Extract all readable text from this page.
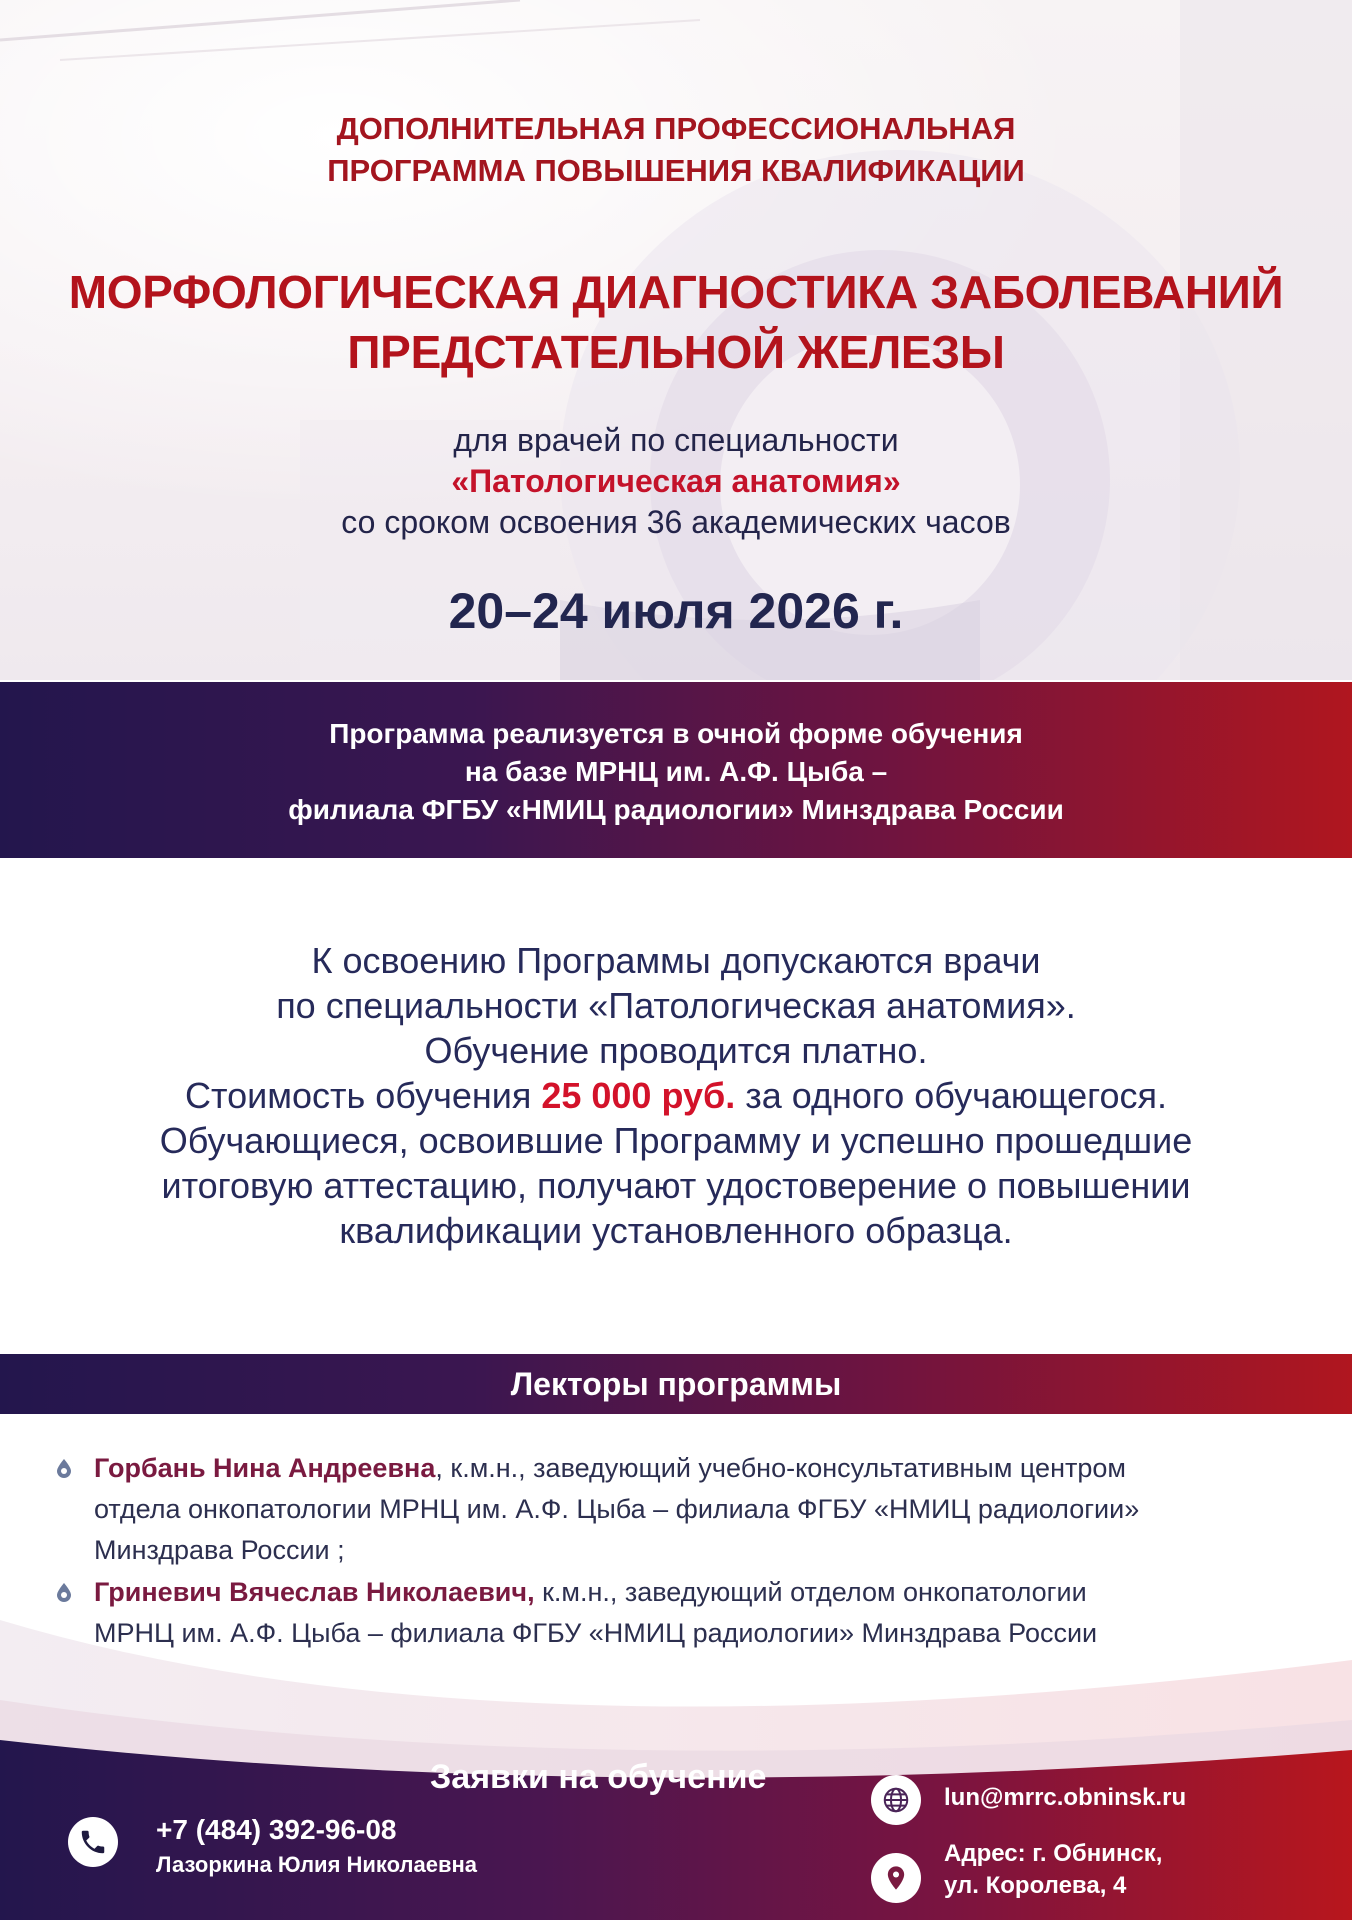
ДОПОЛНИТЕЛЬНАЯ ПРОФЕССИОНАЛЬНАЯ
ПРОГРАММА ПОВЫШЕНИЯ КВАЛИФИКАЦИИ
МОРФОЛОГИЧЕСКАЯ ДИАГНОСТИКА ЗАБОЛЕВАНИЙ
ПРЕДСТАТЕЛЬНОЙ ЖЕЛЕЗЫ
для врачей по специальности
«Патологическая анатомия»
со сроком освоения 36 академических часов
20–24 июля 2026 г.
Программа реализуется в очной форме обучения
на базе МРНЦ им. А.Ф. Цыба –
филиала ФГБУ «НМИЦ радиологии» Минздрава России
К освоению Программы допускаются врачи
по специальности «Патологическая анатомия».
Обучение проводится платно.
Стоимость обучения 25 000 руб. за одного обучающегося.
Обучающиеся, освоившие Программу и успешно прошедшие
итоговую аттестацию, получают удостоверение о повышении
квалификации установленного образца.
Лекторы программы
Горбань Нина Андреевна, к.м.н., заведующий учебно-консультативным центром
отдела онкопатологии МРНЦ им. А.Ф. Цыба – филиала ФГБУ «НМИЦ радиологии»
Минздрава России ;
Гриневич Вячеслав Николаевич, к.м.н., заведующий отделом онкопатологии
МРНЦ им. А.Ф. Цыба – филиала ФГБУ «НМИЦ радиологии» Минздрава России
Заявки на обучение
+7 (484) 392-96-08
Лазоркина Юлия Николаевна
lun@mrrc.obninsk.ru
Адрес: г. Обнинск,
ул. Королева, 4
